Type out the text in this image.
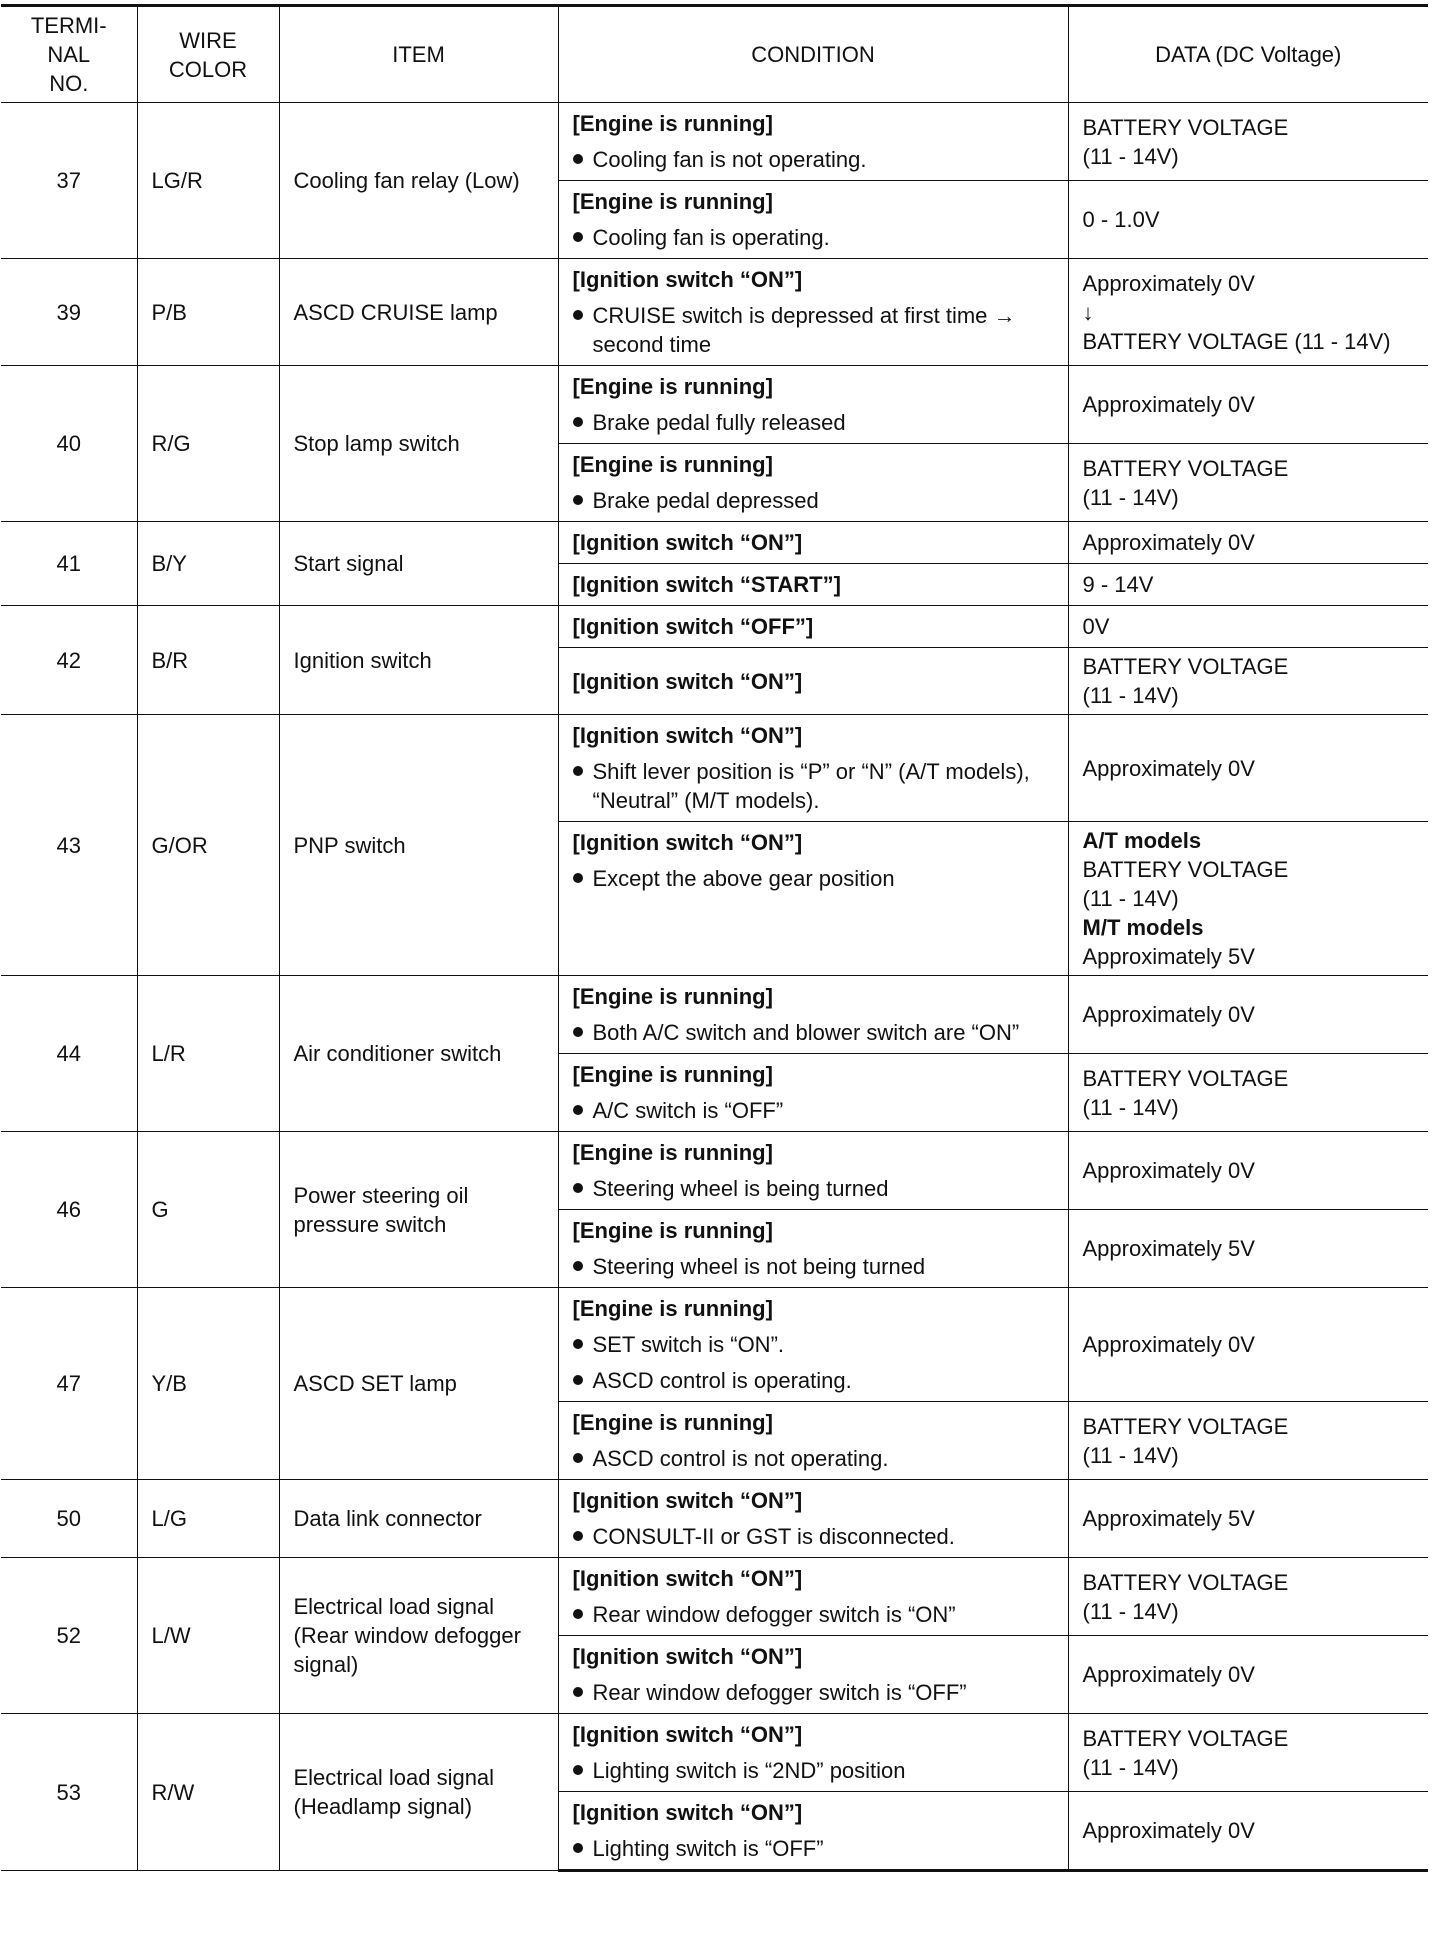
TERMI-
NAL
NO.	WIRE
COLOR	ITEM	CONDITION	DATA (DC Voltage)
37	LG/R	Cooling fan relay (Low)	[Engine is running]
Cooling fan is not operating.	BATTERY VOLTAGE
(11 - 14V)

			[Engine is running]
Cooling fan is operating.	0 - 1.0V

39	P/B	ASCD CRUISE lamp	[Ignition switch “ON”]
CRUISE switch is depressed at first time → second time	Approximately 0V
↓
BATTERY VOLTAGE (11 - 14V)

40	R/G	Stop lamp switch	[Engine is running]
Brake pedal fully released	Approximately 0V

			[Engine is running]
Brake pedal depressed	BATTERY VOLTAGE
(11 - 14V)

41	B/Y	Start signal	[Ignition switch “ON”]	Approximately 0V

			[Ignition switch “START”]	9 - 14V

42	B/R	Ignition switch	[Ignition switch “OFF”]	0V

			[Ignition switch “ON”]	BATTERY VOLTAGE
(11 - 14V)

43	G/OR	PNP switch	[Ignition switch “ON”]
Shift lever position is “P” or “N” (A/T models), “Neutral” (M/T models).	Approximately 0V

			[Ignition switch “ON”]
Except the above gear position	A/T models
BATTERY VOLTAGE
(11 - 14V)
M/T models
Approximately 5V

44	L/R	Air conditioner switch	[Engine is running]
Both A/C switch and blower switch are “ON”	Approximately 0V

			[Engine is running]
A/C switch is “OFF”	BATTERY VOLTAGE
(11 - 14V)

46	G	Power steering oil pressure switch	[Engine is running]
Steering wheel is being turned	Approximately 0V

			[Engine is running]
Steering wheel is not being turned	Approximately 5V

47	Y/B	ASCD SET lamp	[Engine is running]
SET switch is “ON”.
ASCD control is operating.	Approximately 0V

			[Engine is running]
ASCD control is not operating.	BATTERY VOLTAGE
(11 - 14V)

50	L/G	Data link connector	[Ignition switch “ON”]
CONSULT-II or GST is disconnected.	Approximately 5V

52	L/W	Electrical load signal (Rear window defogger signal)	[Ignition switch “ON”]
Rear window defogger switch is “ON”	BATTERY VOLTAGE
(11 - 14V)

			[Ignition switch “ON”]
Rear window defogger switch is “OFF”	Approximately 0V

53	R/W	Electrical load signal (Headlamp signal)	[Ignition switch “ON”]
Lighting switch is “2ND” position	BATTERY VOLTAGE
(11 - 14V)

			[Ignition switch “ON”]
Lighting switch is “OFF”	Approximately 0V
